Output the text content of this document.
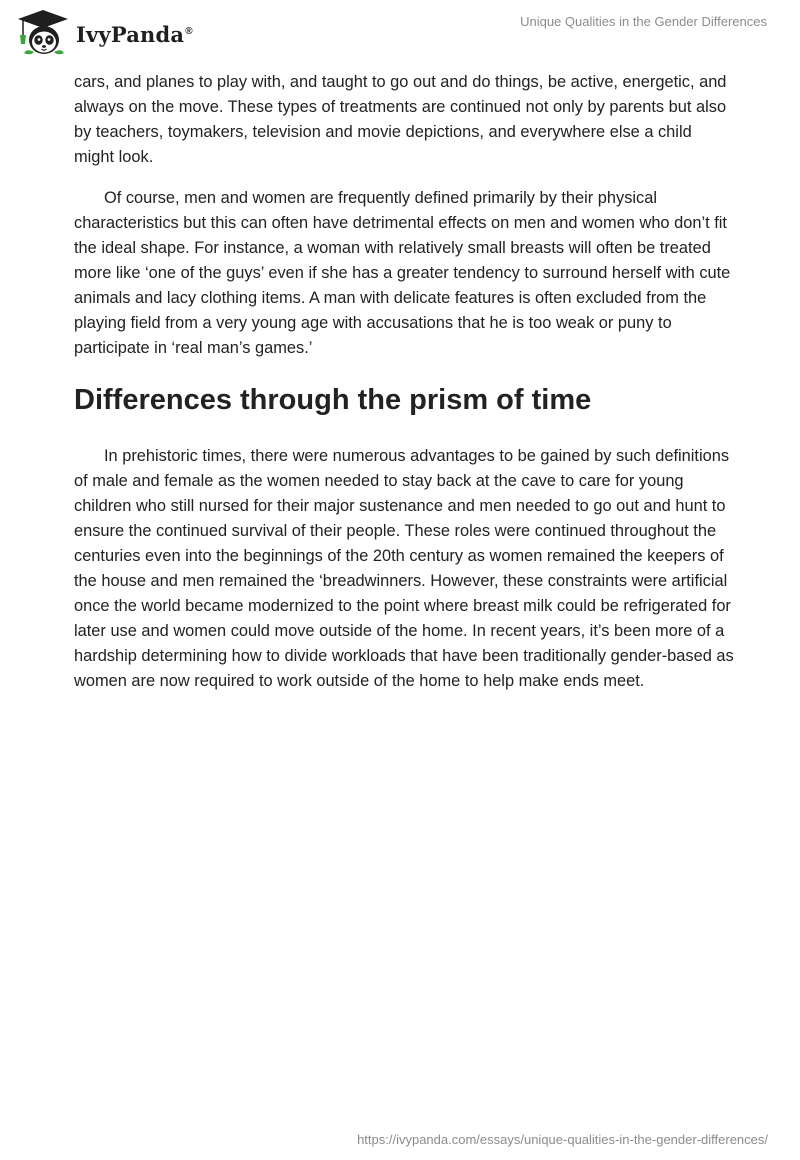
IvyPanda®
Unique Qualities in the Gender Differences

cars, and planes to play with, and taught to go out and do things, be active, energetic, and always on the move. These types of treatments are continued not only by parents but also by teachers, toymakers, television and movie depictions, and everywhere else a child might look.

Of course, men and women are frequently defined primarily by their physical characteristics but this can often have detrimental effects on men and women who don’t fit the ideal shape. For instance, a woman with relatively small breasts will often be treated more like ‘one of the guys’ even if she has a greater tendency to surround herself with cute animals and lacy clothing items. A man with delicate features is often excluded from the playing field from a very young age with accusations that he is too weak or puny to participate in ‘real man’s games.’

Differences through the prism of time

In prehistoric times, there were numerous advantages to be gained by such definitions of male and female as the women needed to stay back at the cave to care for young children who still nursed for their major sustenance and men needed to go out and hunt to ensure the continued survival of their people. These roles were continued throughout the centuries even into the beginnings of the 20th century as women remained the keepers of the house and men remained the ‘breadwinners. However, these constraints were artificial once the world became modernized to the point where breast milk could be refrigerated for later use and women could move outside of the home. In recent years, it’s been more of a hardship determining how to divide workloads that have been traditionally gender-based as women are now required to work outside of the home to help make ends meet.

https://ivypanda.com/essays/unique-qualities-in-the-gender-differences/
